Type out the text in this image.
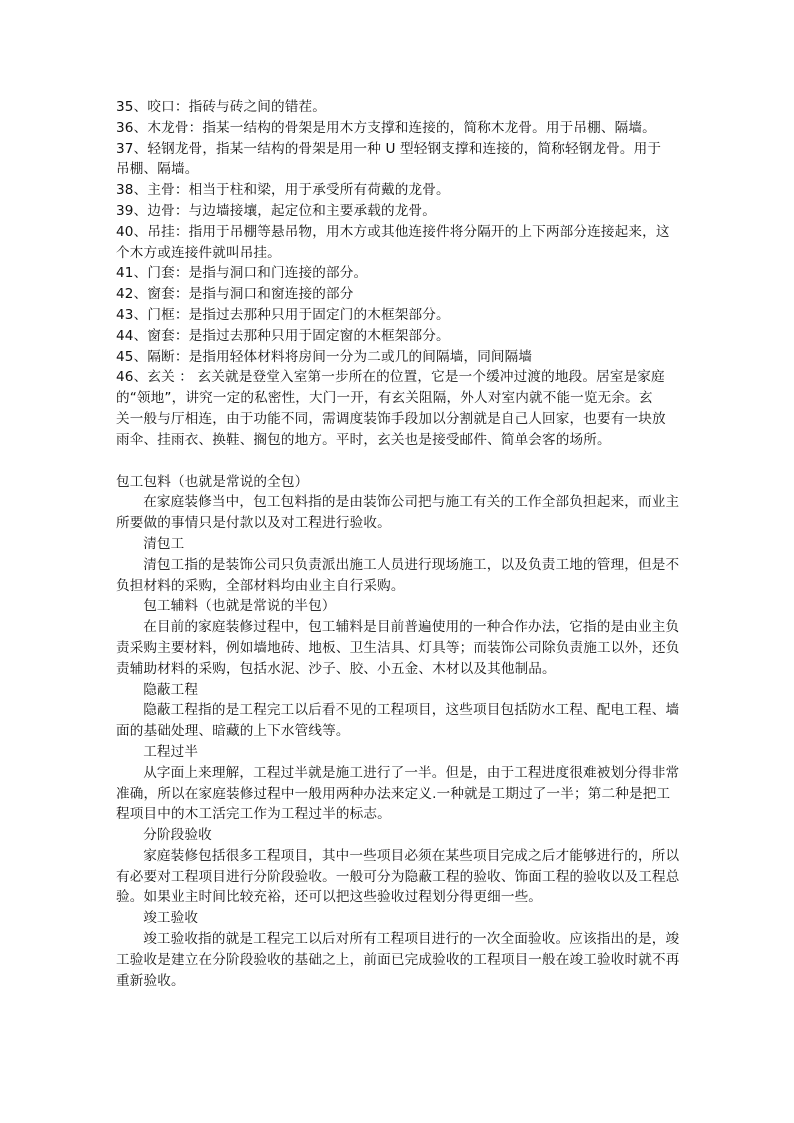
35、咬口：指砖与砖之间的错茬。
36、木龙骨：指某一结构的骨架是用木方支撑和连接的，简称木龙骨。用于吊棚、隔墙。
37、轻钢龙骨，指某一结构的骨架是用一种 U 型轻钢支撑和连接的，简称轻钢龙骨。用于
吊棚、隔墙。
38、主骨：相当于柱和梁，用于承受所有荷戴的龙骨。
39、边骨：与边墙接壤，起定位和主要承载的龙骨。
40、吊挂：指用于吊棚等悬吊物，用木方或其他连接件将分隔开的上下两部分连接起来，这
个木方或连接件就叫吊挂。
41、门套：是指与洞口和门连接的部分。
42、窗套：是指与洞口和窗连接的部分
43、门框：是指过去那种只用于固定门的木框架部分。
44、窗套：是指过去那种只用于固定窗的木框架部分。
45、隔断：是指用轻体材料将房间一分为二或几的间隔墙，同间隔墙
46、玄关 ： 玄关就是登堂入室第一步所在的位置，它是一个缓冲过渡的地段。居室是家庭
的“领地”，讲究一定的私密性，大门一开，有玄关阻隔，外人对室内就不能一览无余。玄
关一般与厅相连，由于功能不同，需调度装饰手段加以分割就是自己人回家，也要有一块放
雨伞、挂雨衣、换鞋、搁包的地方。平时，玄关也是接受邮件、简单会客的场所。
包工包料（也就是常说的全包）
在家庭装修当中，包工包料指的是由装饰公司把与施工有关的工作全部负担起来，而业主所要做的事情只是付款以及对工程进行验收。
清包工
清包工指的是装饰公司只负责派出施工人员进行现场施工，以及负责工地的管理，但是不负担材料的采购，全部材料均由业主自行采购。
包工辅料（也就是常说的半包）
在目前的家庭装修过程中，包工辅料是目前普遍使用的一种合作办法，它指的是由业主负责采购主要材料，例如墙地砖、地板、卫生洁具、灯具等；而装饰公司除负责施工以外，还负责辅助材料的采购，包括水泥、沙子、胶、小五金、木材以及其他制品。
隐蔽工程
隐蔽工程指的是工程完工以后看不见的工程项目，这些项目包括防水工程、配电工程、墙面的基础处理、暗藏的上下水管线等。
工程过半
从字面上来理解，工程过半就是施工进行了一半。但是，由于工程进度很难被划分得非常准确，所以在家庭装修过程中一般用两种办法来定义.一种就是工期过了一半；第二种是把工程项目中的木工活完工作为工程过半的标志。
分阶段验收
家庭装修包括很多工程项目，其中一些项目必须在某些项目完成之后才能够进行的，所以有必要对工程项目进行分阶段验收。一般可分为隐蔽工程的验收、饰面工程的验收以及工程总验。如果业主时间比较充裕，还可以把这些验收过程划分得更细一些。
竣工验收
竣工验收指的就是工程完工以后对所有工程项目进行的一次全面验收。应该指出的是，竣工验收是建立在分阶段验收的基础之上，前面已完成验收的工程项目一般在竣工验收时就不再重新验收。
